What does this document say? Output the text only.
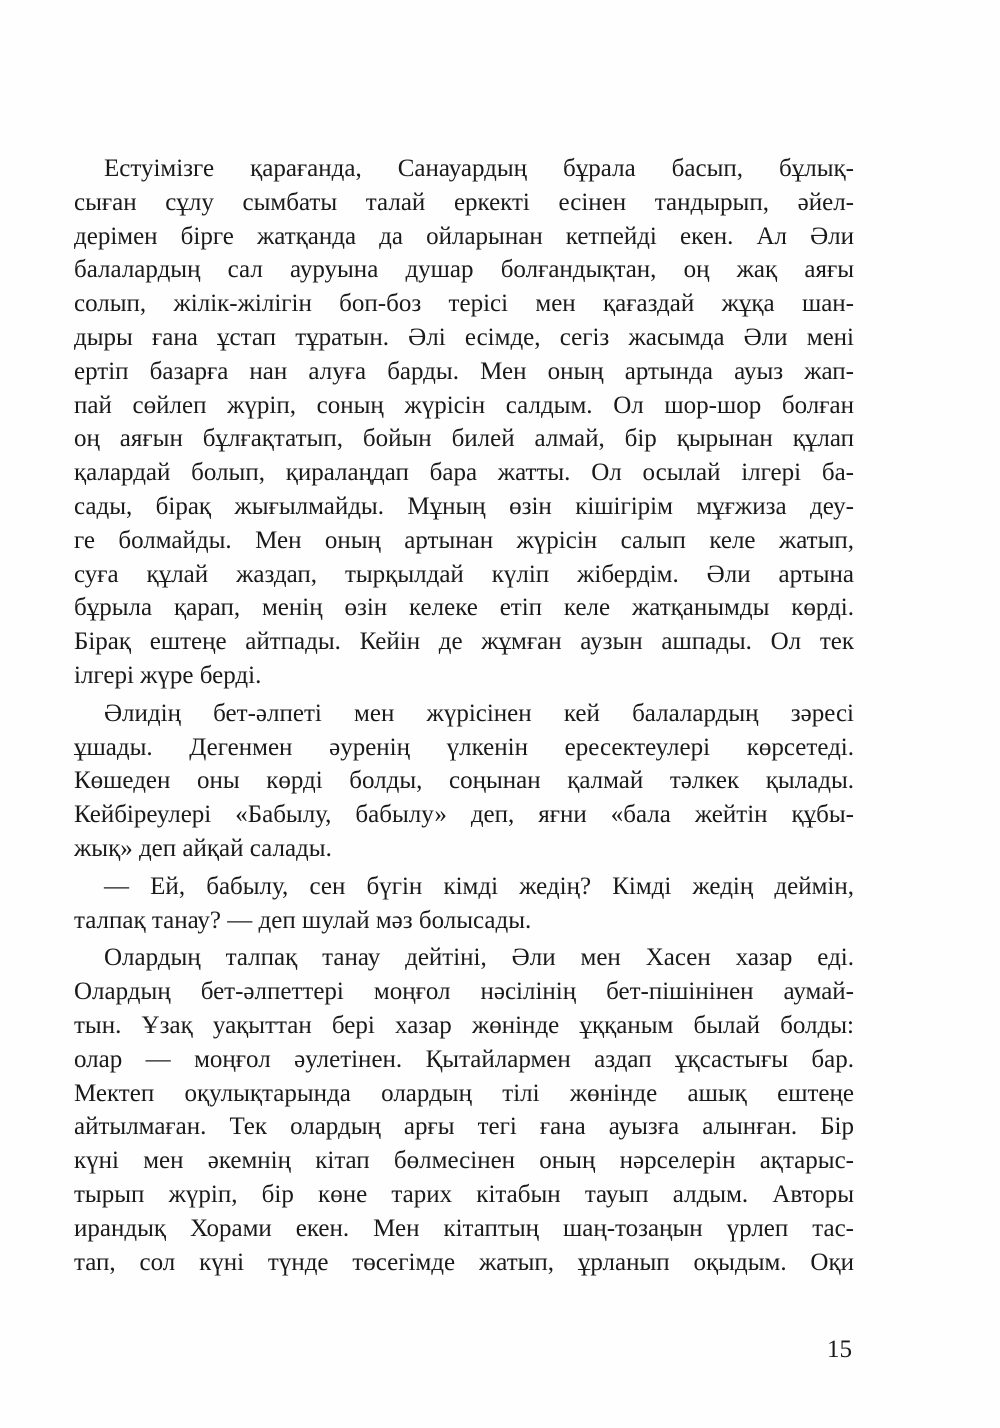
Естуімізге қарағанда, Санауардың бұрала басып, бұлық-
сыған сұлу сымбаты талай еркекті есінен тандырып, әйел-
дерімен бірге жатқанда да ойларынан кетпейді екен. Ал Әли
балалардың сал ауруына душар болғандықтан, оң жақ аяғы
солып, жілік-жілігін боп-боз терісі мен қағаздай жұқа шан-
дыры ғана ұстап тұратын. Әлі есімде, сегіз жасымда Әли мені
ертіп базарға нан алуға барды. Мен оның артында ауыз жап-
пай сөйлеп жүріп, соның жүрісін салдым. Ол шор-шор болған
оң аяғын бұлғақтатып, бойын билей алмай, бір қырынан құлап
қалардай болып, қиралаңдап бара жатты. Ол осылай ілгері ба-
сады, бірақ жығылмайды. Мұның өзін кішігірім мұғжиза деу-
ге болмайды. Мен оның артынан жүрісін салып келе жатып,
суға құлай жаздап, тырқылдай күліп жібердім. Әли артына
бұрыла қарап, менің өзін келеке етіп келе жатқанымды көрді.
Бірақ ештеңе айтпады. Кейін де жұмған аузын ашпады. Ол тек
ілгері жүре берді.
Әлидің бет-әлпеті мен жүрісінен кей балалардың зәресі
ұшады. Дегенмен әуренің үлкенін ересектеулері көрсетеді.
Көшеден оны көрді болды, соңынан қалмай тәлкек қылады.
Кейбіреулері «Бабылу, бабылу» деп, яғни «бала жейтін құбы-
жық» деп айқай салады.
— Ей, бабылу, сен бүгін кімді жедің? Кімді жедің деймін,
талпақ танау? — деп шулай мәз болысады.
Олардың талпақ танау дейтіні, Әли мен Хасен хазар еді.
Олардың бет-әлпеттері моңғол нәсілінің бет-пішінінен аумай-
тын. Ұзақ уақыттан бері хазар жөнінде ұққаным былай болды:
олар — моңғол әулетінен. Қытайлармен аздап ұқсастығы бар.
Мектеп оқулықтарында олардың тілі жөнінде ашық ештеңе
айтылмаған. Тек олардың арғы тегі ғана ауызға алынған. Бір
күні мен әкемнің кітап бөлмесінен оның нәрселерін ақтарыс-
тырып жүріп, бір көне тарих кітабын тауып алдым. Авторы
ирандық Хорами екен. Мен кітаптың шаң-тозаңын үрлеп тас-
тап, сол күні түнде төсегімде жатып, ұрланып оқыдым. Оқи
15
